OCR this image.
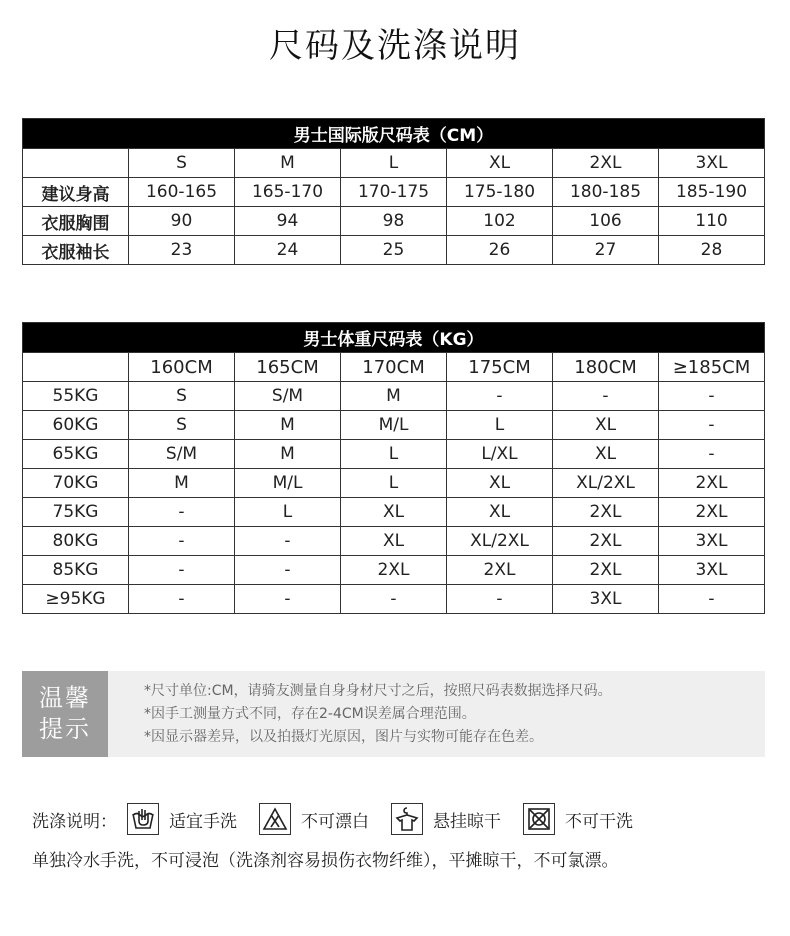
尺码及洗涤说明
男士国际版尺码表（CM）						
	S	M	L	XL	2XL	3XL
建议身高	160-165	165-170	170-175	175-180	180-185	185-190
衣服胸围	90	94	98	102	106	110
衣服袖长	23	24	25	26	27	28
男士体重尺码表（KG）						
	160CM	165CM	170CM	175CM	180CM	≥185CM
55KG	S	S/M	M	-	-	-
60KG	S	M	M/L	L	XL	-
65KG	S/M	M	L	L/XL	XL	-
70KG	M	M/L	L	XL	XL/2XL	2XL
75KG	-	L	XL	XL	2XL	2XL
80KG	-	-	XL	XL/2XL	2XL	3XL
85KG	-	-	2XL	2XL	2XL	3XL
≥95KG	-	-	-	-	3XL	-
温馨
提示
*尺寸单位:CM，请骑友测量自身身材尺寸之后，按照尺码表数据选择尺码。
*因手工测量方式不同，存在2-4CM误差属合理范围。
*因显示器差异，以及拍摄灯光原因，图片与实物可能存在色差。
洗涤说明：	适宜手洗	不可漂白	悬挂晾干	不可干洗
单独冷水手洗，不可浸泡（洗涤剂容易损伤衣物纤维），平摊晾干，不可氯漂。
